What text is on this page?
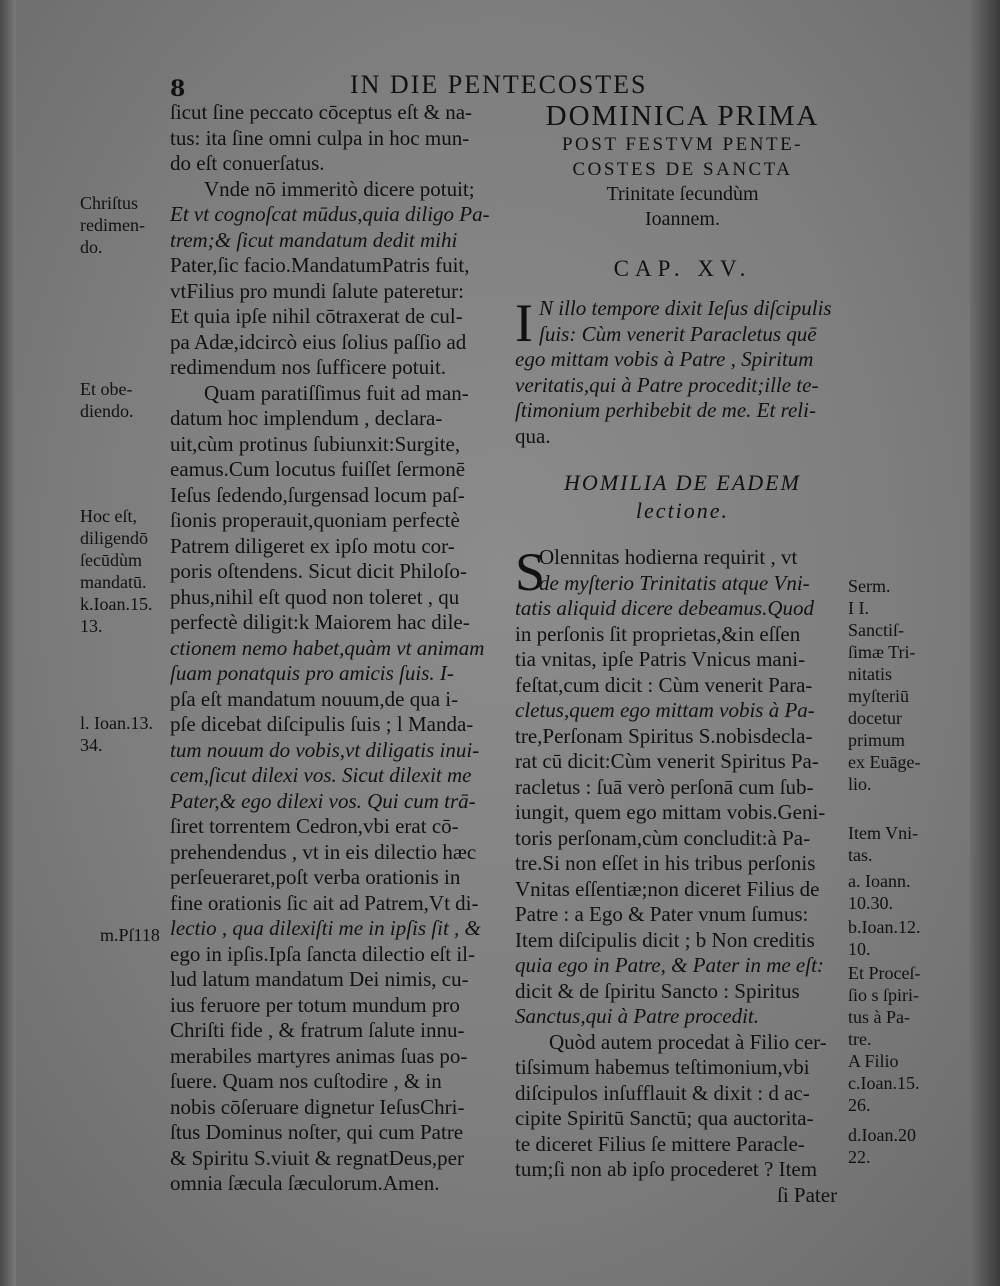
8	IN DIE PENTECOSTES
ſicut ſine peccato cōceptus eſt & na-
tus: ita ſine omni culpa in hoc mun-
do eſt conuerſatus.
Vnde nō immeritò dicere potuit;
Et vt cognoſcat mūdus,quia diligo Pa-
trem;& ſicut mandatum dedit mihi
Pater,ſic facio.MandatumPatris fuit,
vtFilius pro mundi ſalute pateretur:
Et quia ipſe nihil cōtraxerat de cul-
pa Adæ,idcircò eius ſolius paſſio ad
redimendum nos ſufficere potuit.
Quam paratiſſimus fuit ad man-
datum hoc implendum , declara-
uit,cùm protinus ſubiunxit:Surgite,
eamus.Cum locutus fuiſſet ſermonē
Ieſus ſedendo,ſurgensad locum paſ-
ſionis properauit,quoniam perfectè
Patrem diligeret ex ipſo motu cor-
poris oſtendens. Sicut dicit Philoſo-
phus,nihil eſt quod non toleret , qu
perfectè diligit:k Maiorem hac dile-
ctionem nemo habet,quàm vt animam
ſuam ponatquis pro amicis ſuis. I-
pſa eſt mandatum nouum,de qua i-
pſe dicebat diſcipulis ſuis ; l Manda-
tum nouum do vobis,vt diligatis inui-
cem,ſicut dilexi vos. Sicut dilexit me
Pater,& ego dilexi vos. Qui cum trā-
ſiret torrentem Cedron,vbi erat cō-
prehendendus , vt in eis dilectio hæc
perſeueraret,poſt verba orationis in
fine orationis ſic ait ad Patrem,Vt di-
lectio , qua dilexiſti me in ipſis ſit , &
ego in ipſis.Ipſa ſancta dilectio eſt il-
lud latum mandatum Dei nimis, cu-
ius feruore per totum mundum pro
Chriſti fide , & fratrum ſalute innu-
merabiles martyres animas ſuas po-
ſuere. Quam nos cuſtodire , & in
nobis cōſeruare dignetur IeſusChri-
ſtus Dominus noſter, qui cum Patre
& Spiritu S.viuit & regnatDeus,per
omnia ſæcula ſæculorum.Amen.
DOMINICA PRIMA
POST FESTVM PENTE-
COSTES DE SANCTA
Trinitate ſecundùm
Ioannem.
CAP. XV.
I N illo tempore dixit Ieſus diſcipulis
ſuis: Cùm venerit Paracletus quē
ego mittam vobis à Patre , Spiritum
veritatis,qui à Patre procedit;ille te-
ſtimonium perhibebit de me. Et reli-
qua.
HOMILIA DE EADEM
lectione.
S
Olennitas hodierna requirit , vt
de myſterio Trinitatis atque Vni-
tatis aliquid dicere debeamus.Quod
in perſonis ſit proprietas,&in eſſen
tia vnitas, ipſe Patris Vnicus mani-
feſtat,cum dicit : Cùm venerit Para-
cletus,quem ego mittam vobis à Pa-
tre,Perſonam Spiritus S.nobisdecla-
rat cū dicit:Cùm venerit Spiritus Pa-
racletus : ſuā verò perſonā cum ſub-
iungit, quem ego mittam vobis.Geni-
toris perſonam,cùm concludit:à Pa-
tre.Si non eſſet in his tribus perſonis
Vnitas eſſentiæ;non diceret Filius de
Patre : a Ego & Pater vnum ſumus:
Item diſcipulis dicit ; b Non creditis
quia ego in Patre, & Pater in me eſt:
dicit & de ſpiritu Sancto : Spiritus
Sanctus,qui à Patre procedit.
Quòd autem procedat à Filio cer-
tiſsimum habemus teſtimonium,vbi
diſcipulos inſufflauit & dixit : d ac-
cipite Spiritū Sanctū; qua auctorita-
te diceret Filius ſe mittere Paracle-
tum;ſi non ab ipſo procederet ? Item
ſi Pater
Chriſtus
redimen-
do.
Et obe-
diendo.
Hoc eſt,
diligendō
ſecūdùm
mandatū.
k.Ioan.15.
13.
l. Ioan.13.
34.
m.Pſ118
Serm.
I I.
Sanctiſ-
ſimæ Tri-
nitatis
myſteriū
docetur
primum
ex Euāge-
lio.
Item Vni-
tas.
a. Ioann.
10.30.
b.Ioan.12.
10.
Et Proceſ-
ſio s ſpiri-
tus à Pa-
tre.
A Filio
c.Ioan.15.
26.
d.Ioan.20
22.
